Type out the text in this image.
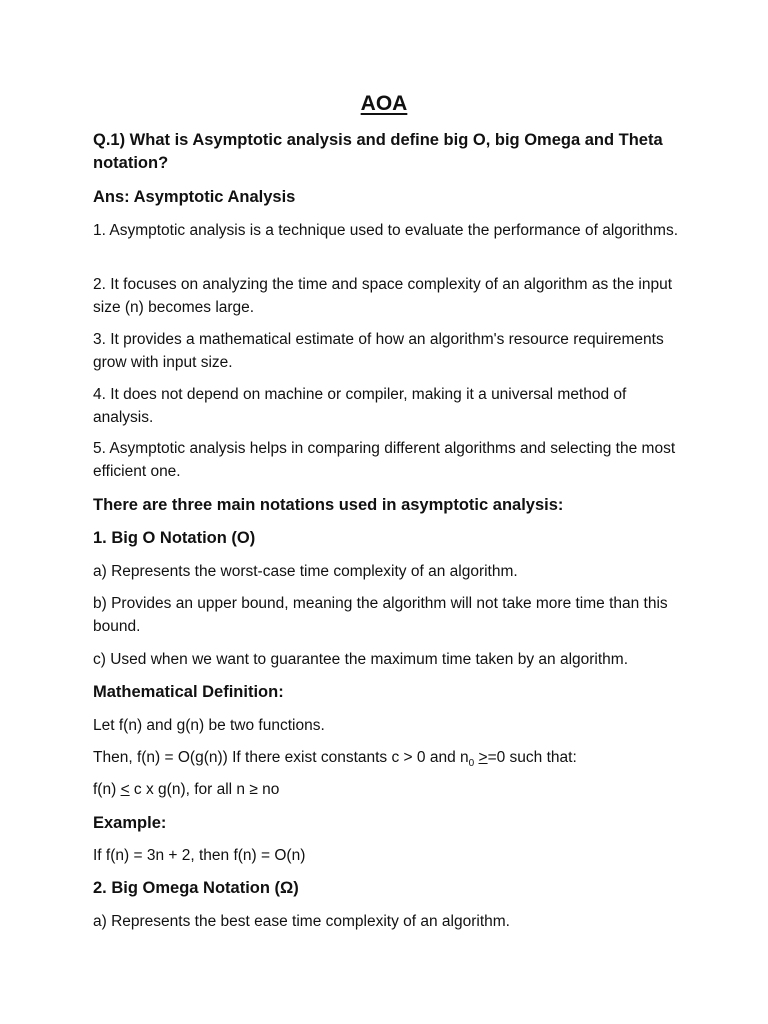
AOA
Q.1) What is Asymptotic analysis and define big O, big Omega and Theta notation?
Ans: Asymptotic Analysis
1. Asymptotic analysis is a technique used to evaluate the performance of algorithms.
2. It focuses on analyzing the time and space complexity of an algorithm as the input size (n) becomes large.
3. It provides a mathematical estimate of how an algorithm's resource requirements grow with input size.
4. It does not depend on machine or compiler, making it a universal method of analysis.
5. Asymptotic analysis helps in comparing different algorithms and selecting the most efficient one.
There are three main notations used in asymptotic analysis:
1. Big O Notation (O)
a) Represents the worst-case time complexity of an algorithm.
b) Provides an upper bound, meaning the algorithm will not take more time than this bound.
c) Used when we want to guarantee the maximum time taken by an algorithm.
Mathematical Definition:
Let f(n) and g(n) be two functions.
Then, f(n) = O(g(n)) If there exist constants c > 0 and $n_0 >=0$ such that:
f(n) ≤ c x g(n), for all n ≥ no
Example:
If f(n) = 3n + 2, then f(n) = O(n)
2. Big Omega Notation (Ω)
a) Represents the best ease time complexity of an algorithm.
